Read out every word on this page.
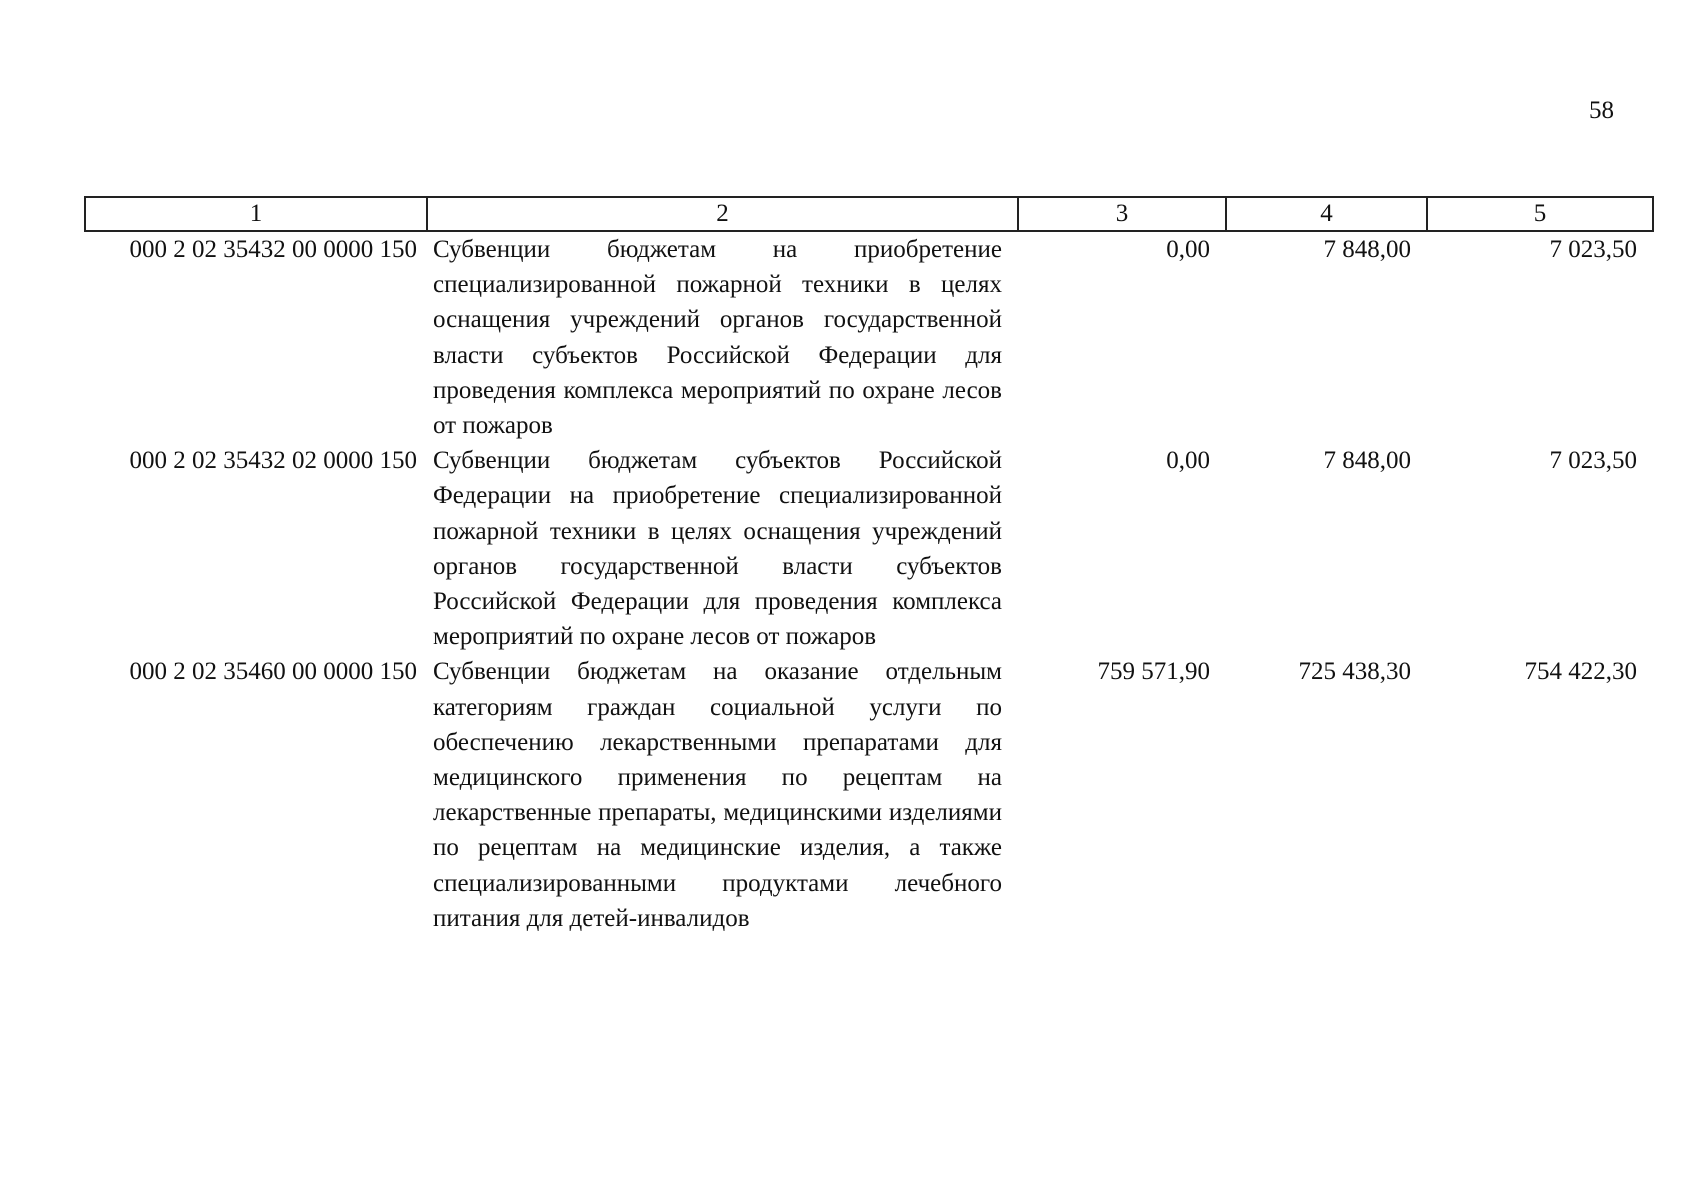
58
1	2	3	4	5
000 2 02 35432 00 0000 150	Субвенции бюджетам на приобретение специализированной пожарной техники в целях оснащения учреждений органов государственной власти субъектов Российской Федерации для проведения комплекса мероприятий по охране лесов от пожаров	0,00	7 848,00	7 023,50
000 2 02 35432 02 0000 150	Субвенции бюджетам субъектов Российской Федерации на приобретение специализированной пожарной техники в целях оснащения учреждений органов государственной власти субъектов Российской Федерации для проведения комплекса мероприятий по охране лесов от пожаров	0,00	7 848,00	7 023,50
000 2 02 35460 00 0000 150	Субвенции бюджетам на оказание отдельным категориям граждан социальной услуги по обеспечению лекарственными препаратами для медицинского применения по рецептам на лекарственные препараты, медицинскими изделиями по рецептам на медицинские изделия, а также специализированными продуктами лечебного питания для детей-инвалидов	759 571,90	725 438,30	754 422,30
